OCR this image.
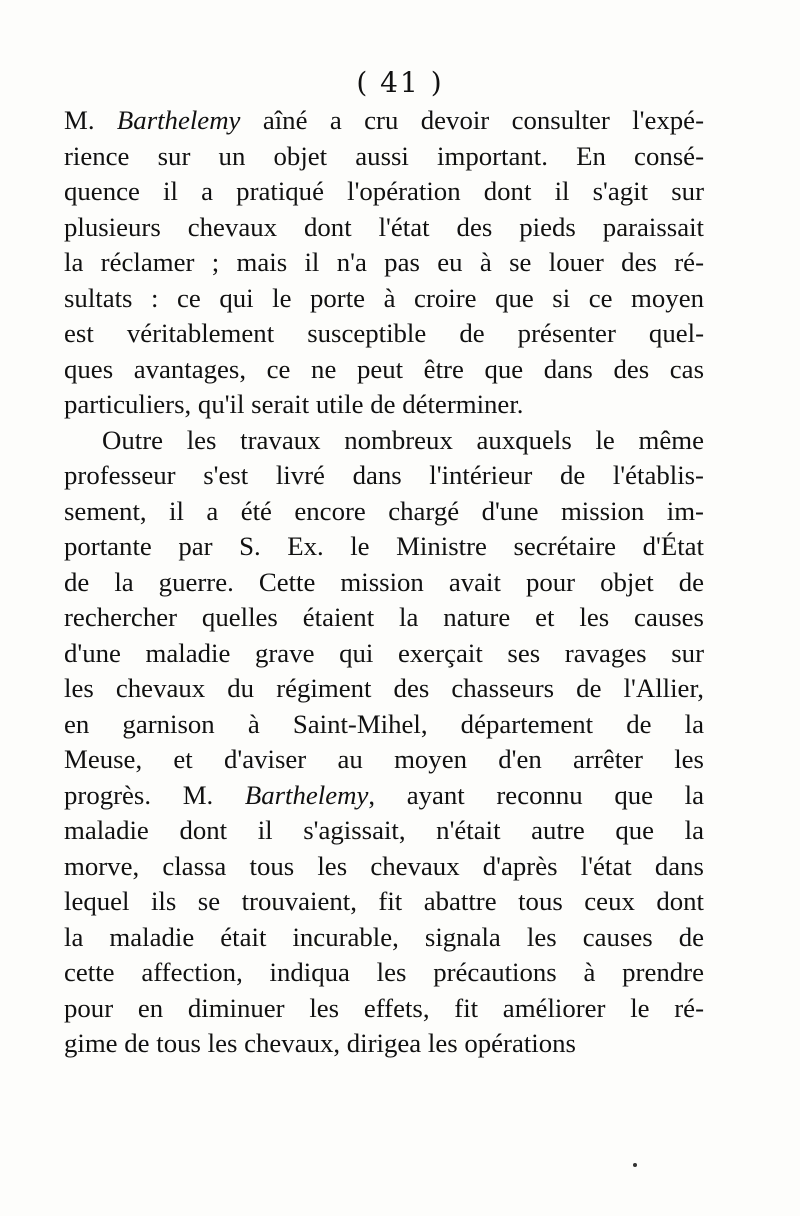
( 41 )
M. Barthelemy aîné a cru devoir consulter l'expé-
rience sur un objet aussi important. En consé-
quence il a pratiqué l'opération dont il s'agit sur
plusieurs chevaux dont l'état des pieds paraissait
la réclamer ; mais il n'a pas eu à se louer des ré-
sultats : ce qui le porte à croire que si ce moyen
est véritablement susceptible de présenter quel-
ques avantages, ce ne peut être que dans des cas
particuliers, qu'il serait utile de déterminer.
Outre les travaux nombreux auxquels le même
professeur s'est livré dans l'intérieur de l'établis-
sement, il a été encore chargé d'une mission im-
portante par S. Ex. le Ministre secrétaire d'État
de la guerre. Cette mission avait pour objet de
rechercher quelles étaient la nature et les causes
d'une maladie grave qui exerçait ses ravages sur
les chevaux du régiment des chasseurs de l'Allier,
en garnison à Saint-Mihel, département de la
Meuse, et d'aviser au moyen d'en arrêter les
progrès. M. Barthelemy, ayant reconnu que la
maladie dont il s'agissait, n'était autre que la
morve, classa tous les chevaux d'après l'état dans
lequel ils se trouvaient, fit abattre tous ceux dont
la maladie était incurable, signala les causes de
cette affection, indiqua les précautions à prendre
pour en diminuer les effets, fit améliorer le ré-
gime de tous les chevaux, dirigea les opérations
